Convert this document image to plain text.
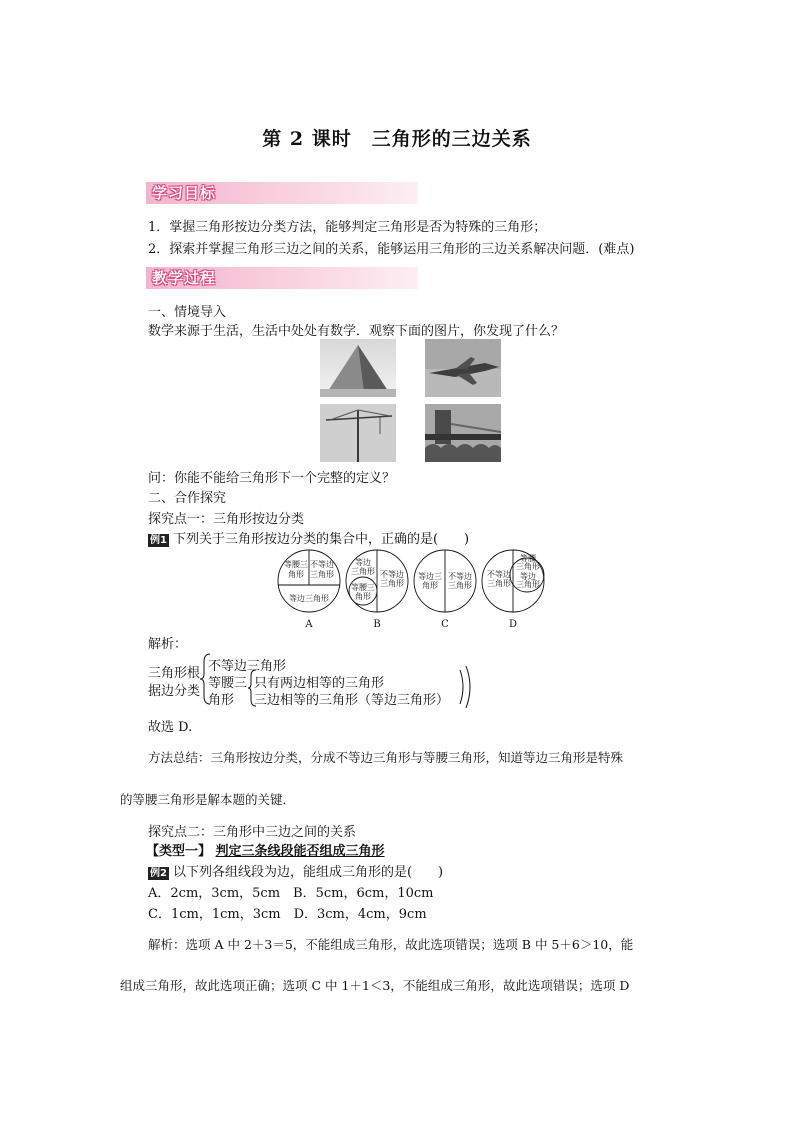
第 2 课时　三角形的三边关系
学习目标
1．掌握三角形按边分类方法，能够判定三角形是否为特殊的三角形；
2．探索并掌握三角形三边之间的关系，能够运用三角形的三边关系解决问题．(难点)
教学过程
一、情境导入
数学来源于生活，生活中处处有数学．观察下面的图片，你发现了什么？
问：你能不能给三角形下一个完整的定义？
二、合作探究
探究点一：三角形按边分类
例1 下列关于三角形按边分类的集合中，正确的是(　　)
等腰三
角形
不等边
三角形
等边三角形
A
等边
三角形 不等边
三角形
等腰三
角形
B
等边三
角形
不等边
三角形
C
不等边
三角形
等腰
三角形
等边
三角形
D
解析：
三角形根
据边分类
不等边三角形
等腰三
角形
只有两边相等的三角形
三边相等的三角形（等边三角形）
故选 D.
方法总结：三角形按边分类，分成不等边三角形与等腰三角形，知道等边三角形是特殊
的等腰三角形是解本题的关键．
探究点二：三角形中三边之间的关系
【类型一】 判定三条线段能否组成三角形
例2 以下列各组线段为边，能组成三角形的是(　　)
A．2cm，3cm，5cm　B．5cm，6cm，10cm
C．1cm，1cm，3cm　D．3cm，4cm，9cm
解析：选项 A 中 2＋3＝5，不能组成三角形，故此选项错误；选项 B 中 5＋6＞10，能
组成三角形，故此选项正确；选项 C 中 1＋1＜3，不能组成三角形，故此选项错误；选项 D
